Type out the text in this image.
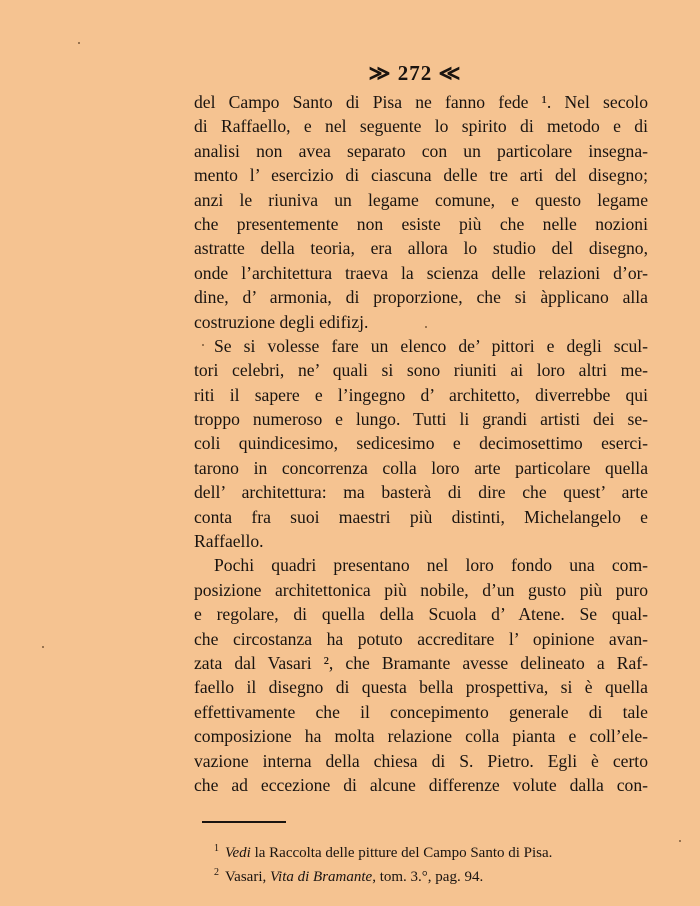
≫ 272 ≪
del Campo Santo di Pisa ne fanno fede ¹. Nel secolo
di Raffaello, e nel seguente lo spirito di metodo e di
analisi non avea separato con un particolare insegna-
mento l’ esercizio di ciascuna delle tre arti del disegno;
anzi le riuniva un legame comune, e questo legame
che presentemente non esiste più che nelle nozioni
astratte della teoria, era allora lo studio del disegno,
onde l’architettura traeva la scienza delle relazioni d’or-
dine, d’ armonia, di proporzione, che si àpplicano alla
costruzione degli edifizj.
Se si volesse fare un elenco de’ pittori e degli scul-
tori celebri, ne’ quali si sono riuniti ai loro altri me-
riti il sapere e l’ingegno d’ architetto, diverrebbe qui
troppo numeroso e lungo. Tutti li grandi artisti dei se-
coli quindicesimo, sedicesimo e decimosettimo eserci-
tarono in concorrenza colla loro arte particolare quella
dell’ architettura: ma basterà di dire che quest’ arte
conta fra suoi maestri più distinti, Michelangelo e
Raffaello.
Pochi quadri presentano nel loro fondo una com-
posizione architettonica più nobile, d’un gusto più puro
e regolare, di quella della Scuola d’ Atene. Se qual-
che circostanza ha potuto accreditare l’ opinione avan-
zata dal Vasari ², che Bramante avesse delineato a Raf-
faello il disegno di questa bella prospettiva, si è quella
effettivamente che il concepimento generale di tale
composizione ha molta relazione colla pianta e coll’ele-
vazione interna della chiesa di S. Pietro. Egli è certo
che ad eccezione di alcune differenze volute dalla con-
$^1$ Vedi la Raccolta delle pitture del Campo Santo di Pisa.
$^2$ Vasari, Vita di Bramante, tom. 3.°, pag. 94.
